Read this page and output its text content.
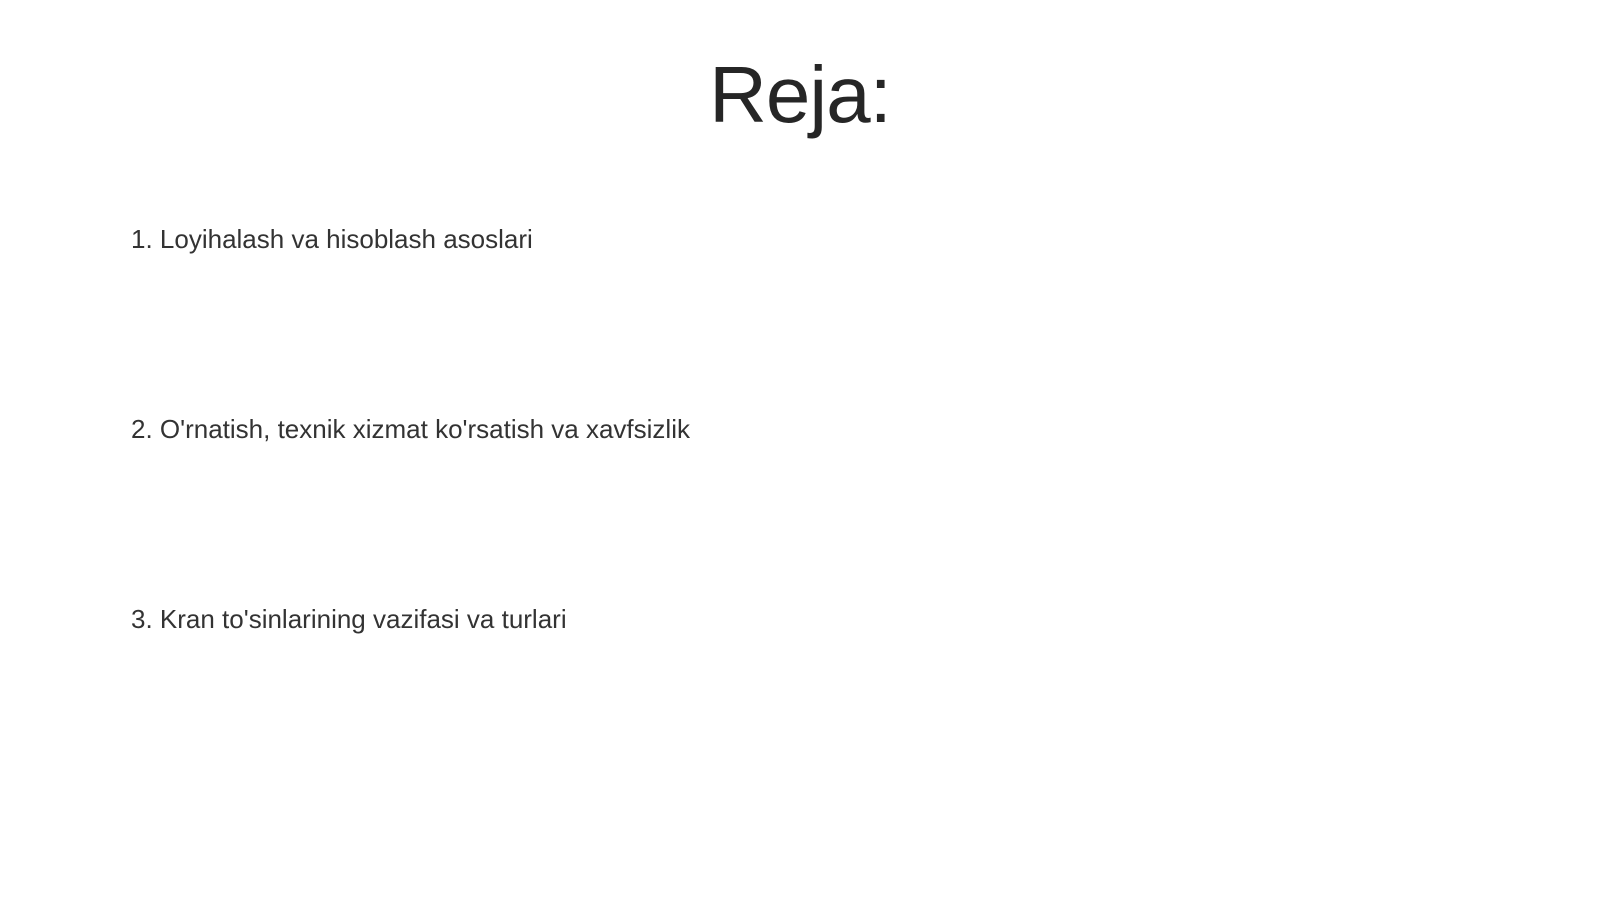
Reja:
1. Loyihalash va hisoblash asoslari
2. O'rnatish, texnik xizmat ko'rsatish va xavfsizlik
3. Kran to'sinlarining vazifasi va turlari
